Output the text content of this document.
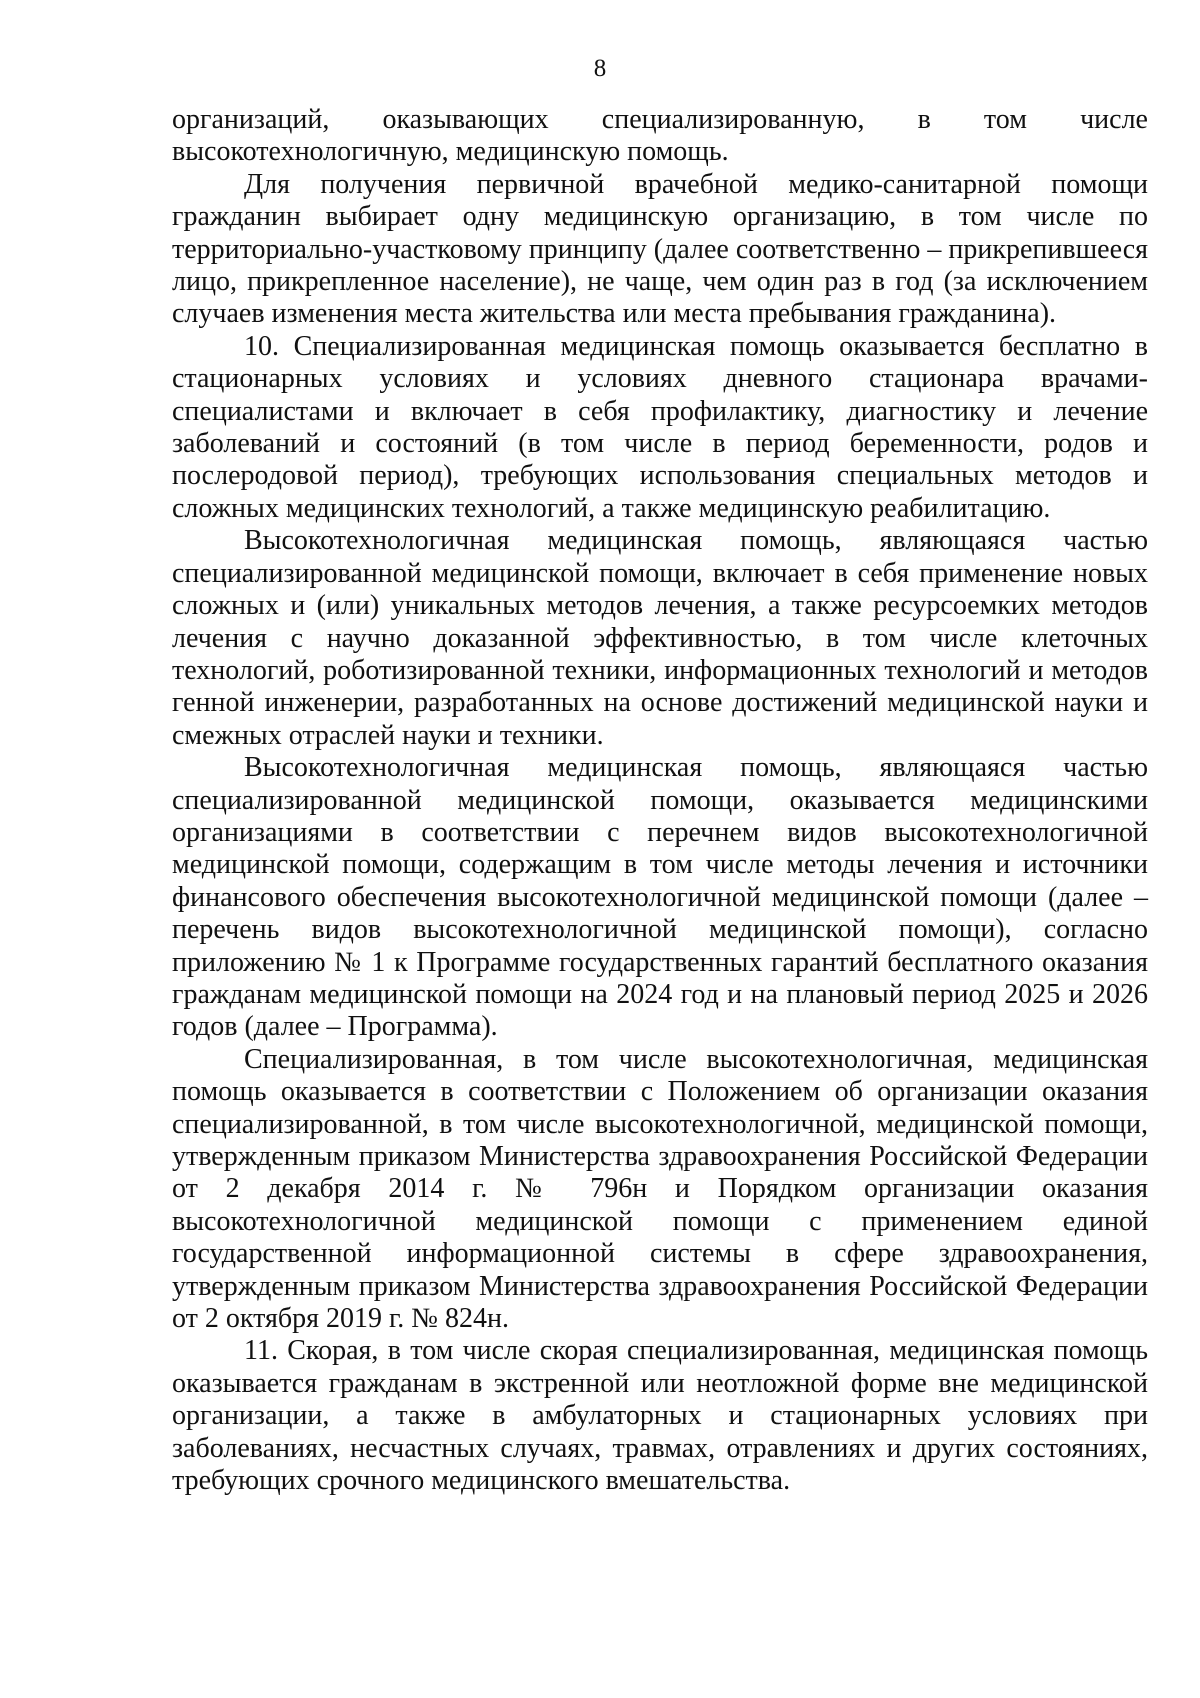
8

организаций, оказывающих специализированную, в том числе высокотехнологичную, медицинскую помощь.

Для получения первичной врачебной медико-санитарной помощи гражданин выбирает одну медицинскую организацию, в том числе по территориально-участковому принципу (далее соответственно – прикрепившееся лицо, прикрепленное население), не чаще, чем один раз в год (за исключением случаев изменения места жительства или места пребывания гражданина).

10. Специализированная медицинская помощь оказывается бесплатно в стационарных условиях и условиях дневного стационара врачами-специалистами и включает в себя профилактику, диагностику и лечение заболеваний и состояний (в том числе в период беременности, родов и послеродовой период), требующих использования специальных методов и сложных медицинских технологий, а также медицинскую реабилитацию.

Высокотехнологичная медицинская помощь, являющаяся частью специализированной медицинской помощи, включает в себя применение новых сложных и (или) уникальных методов лечения, а также ресурсоемких методов лечения с научно доказанной эффективностью, в том числе клеточных технологий, роботизированной техники, информационных технологий и методов генной инженерии, разработанных на основе достижений медицинской науки и смежных отраслей науки и техники.

Высокотехнологичная медицинская помощь, являющаяся частью специализированной медицинской помощи, оказывается медицинскими организациями в соответствии с перечнем видов высокотехнологичной медицинской помощи, содержащим в том числе методы лечения и источники финансового обеспечения высокотехнологичной медицинской помощи (далее – перечень видов высокотехнологичной медицинской помощи), согласно приложению № 1 к Программе государственных гарантий бесплатного оказания гражданам медицинской помощи на 2024 год и на плановый период 2025 и 2026 годов (далее – Программа).

Специализированная, в том числе высокотехнологичная, медицинская помощь оказывается в соответствии с Положением об организации оказания специализированной, в том числе высокотехнологичной, медицинской помощи, утвержденным приказом Министерства здравоохранения Российской Федерации от 2 декабря 2014 г. № 796н и Порядком организации оказания высокотехнологичной медицинской помощи с применением единой государственной информационной системы в сфере здравоохранения, утвержденным приказом Министерства здравоохранения Российской Федерации от 2 октября 2019 г. № 824н.

11. Скорая, в том числе скорая специализированная, медицинская помощь оказывается гражданам в экстренной или неотложной форме вне медицинской организации, а также в амбулаторных и стационарных условиях при заболеваниях, несчастных случаях, травмах, отравлениях и других состояниях, требующих срочного медицинского вмешательства.
